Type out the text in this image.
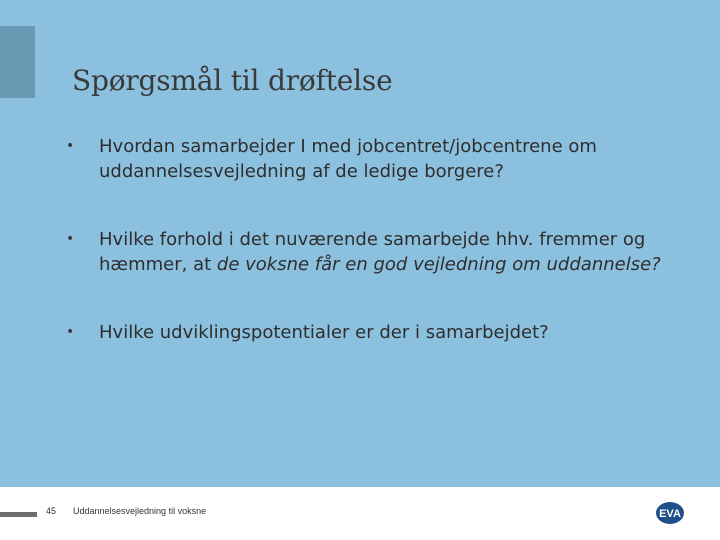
Spørgsmål til drøftelse
• Hvordan samarbejder I med jobcentret/jobcentrene om uddannelsesvejledning af de ledige borgere?
• Hvilke forhold i det nuværende samarbejde hhv. fremmer og hæmmer, at de voksne får en god vejledning om uddannelse?
• Hvilke udviklingspotentialer er der i samarbejdet?
45 Uddannelsesvejledning til voksne	EVA
